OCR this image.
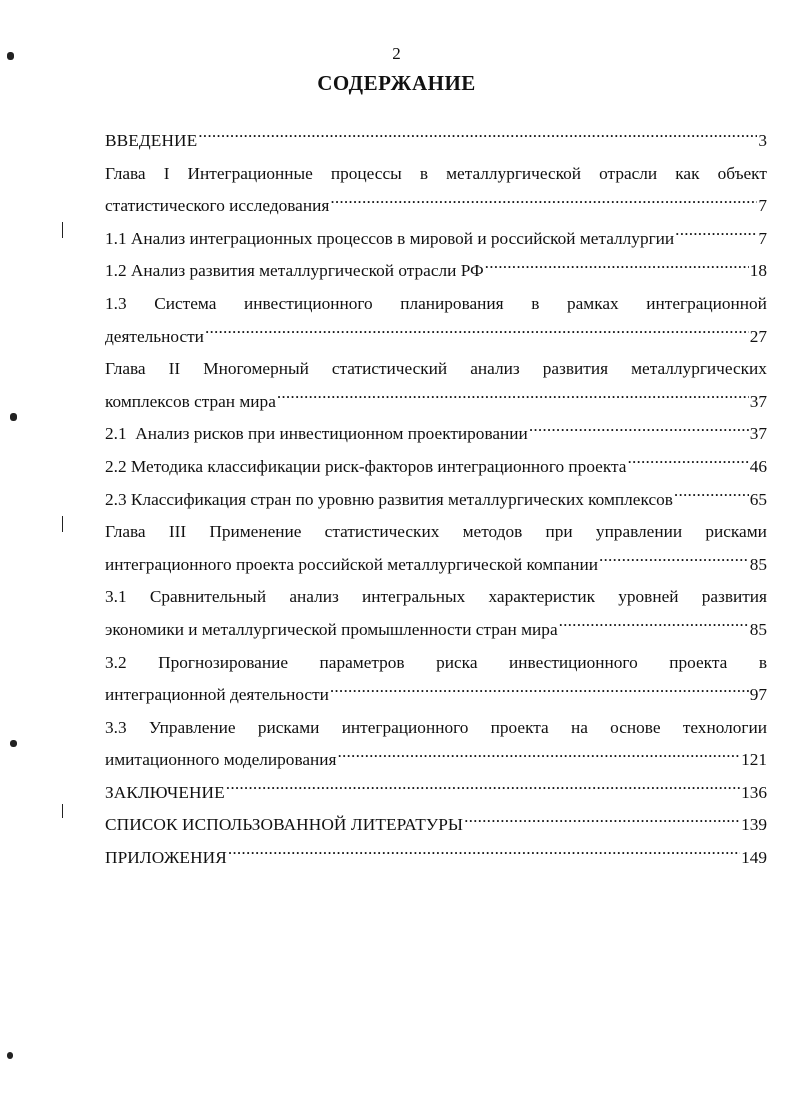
2
СОДЕРЖАНИЕ
ВВЕДЕНИЕ .....	3
Глава I Интеграционные процессы в металлургической отрасли как объект
статистического исследования .....	7
1.1 Анализ интеграционных процессов в мировой и российской металлургии .....	7
1.2 Анализ развития металлургической отрасли РФ .....	18
1.3 Система инвестиционного планирования в рамках интеграционной
деятельности .....	27
Глава II Многомерный статистический анализ развития металлургических
комплексов стран мира .....	37
2.1  Анализ рисков при инвестиционном проектировании .....	37
2.2 Методика классификации риск-факторов интеграционного проекта .....	46
2.3 Классификация стран по уровню развития металлургических комплексов .....	65
Глава III Применение статистических методов при управлении рисками
интеграционного проекта российской металлургической компании .....	85
3.1 Сравнительный анализ интегральных характеристик уровней развития
экономики и металлургической промышленности стран мира .....	85
3.2 Прогнозирование параметров риска инвестиционного проекта в
интеграционной деятельности .....	97
3.3 Управление рисками интеграционного проекта на основе технологии
имитационного моделирования .....	121
ЗАКЛЮЧЕНИЕ .....	136
СПИСОК ИСПОЛЬЗОВАННОЙ ЛИТЕРАТУРЫ .....	139
ПРИЛОЖЕНИЯ .....	149
